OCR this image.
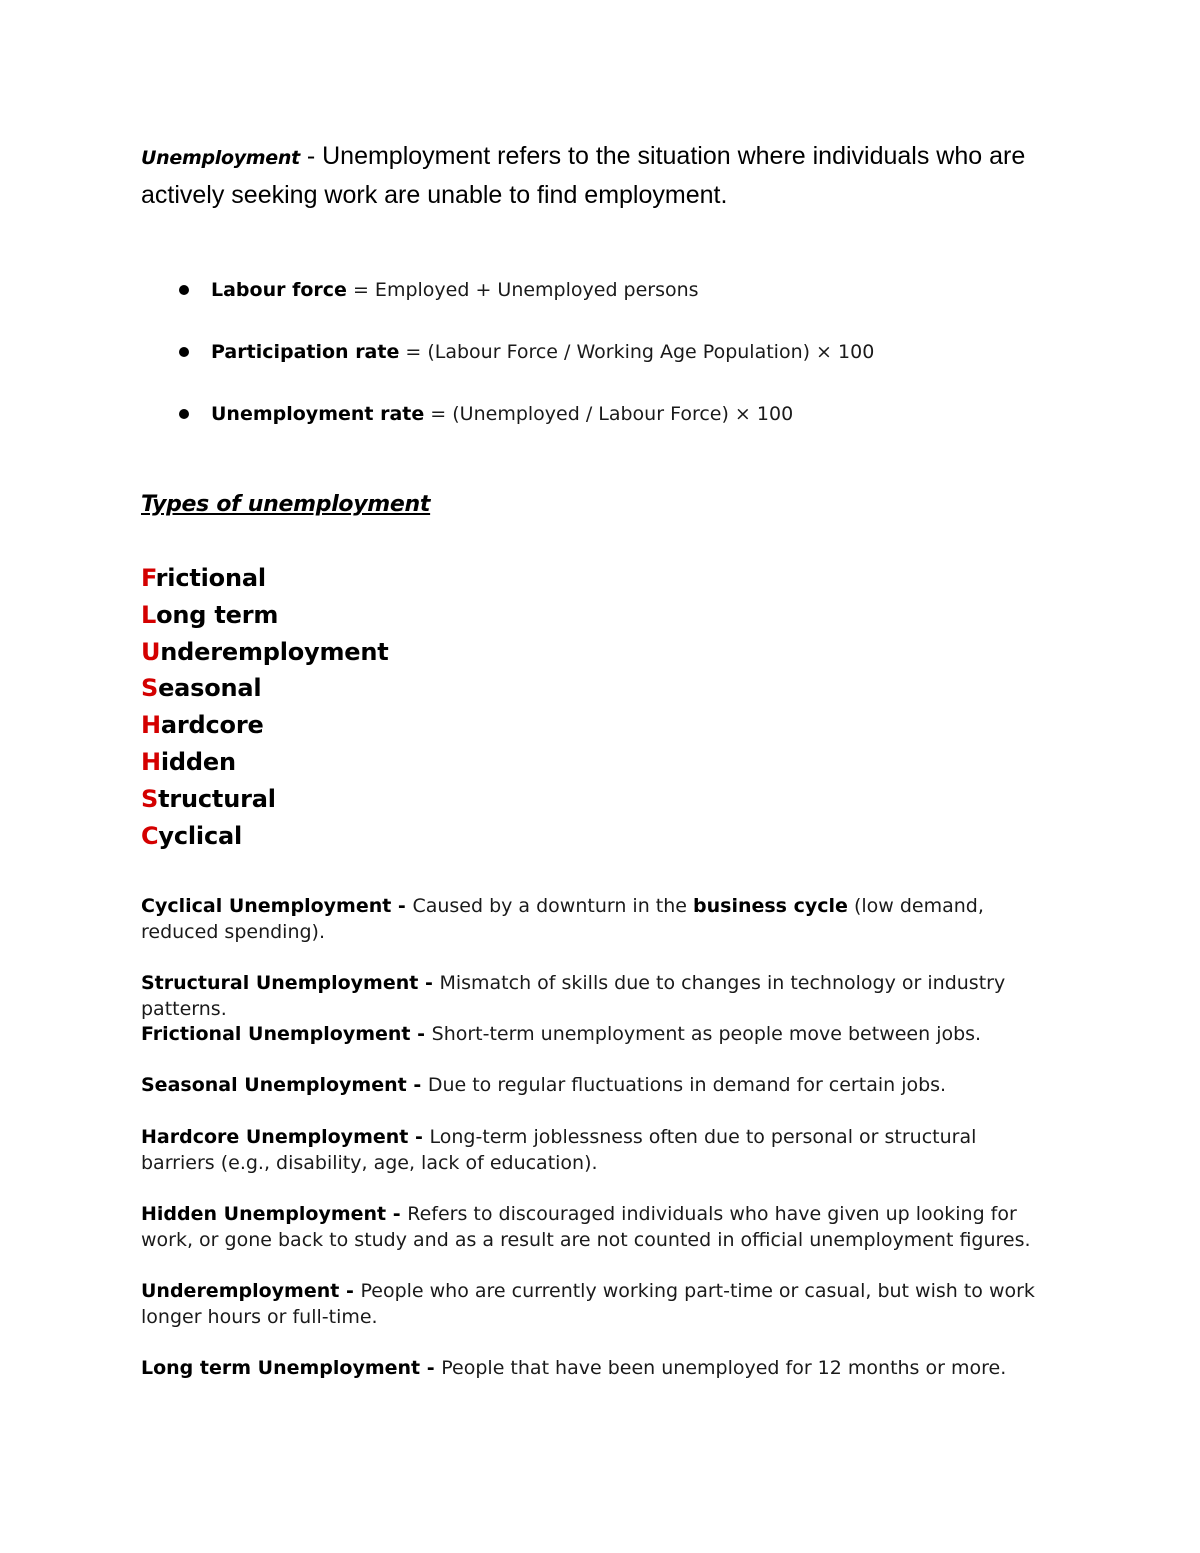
Unemployment - Unemployment refers to the situation where individuals who are actively seeking work are unable to find employment.
Labour force = Employed + Unemployed persons
Participation rate = (Labour Force / Working Age Population) × 100
Unemployment rate = (Unemployed / Labour Force) × 100
Types of unemployment
Frictional
Long term
Underemployment
Seasonal
Hardcore
Hidden
Structural
Cyclical

Cyclical Unemployment - Caused by a downturn in the business cycle (low demand, reduced spending).

Structural Unemployment - Mismatch of skills due to changes in technology or industry patterns.

Frictional Unemployment - Short-term unemployment as people move between jobs.

Seasonal Unemployment - Due to regular fluctuations in demand for certain jobs.

Hardcore Unemployment - Long-term joblessness often due to personal or structural barriers (e.g., disability, age, lack of education).

Hidden Unemployment - Refers to discouraged individuals who have given up looking for work, or gone back to study and as a result are not counted in official unemployment figures.

Underemployment - People who are currently working part-time or casual, but wish to work longer hours or full-time.

Long term Unemployment - People that have been unemployed for 12 months or more.
